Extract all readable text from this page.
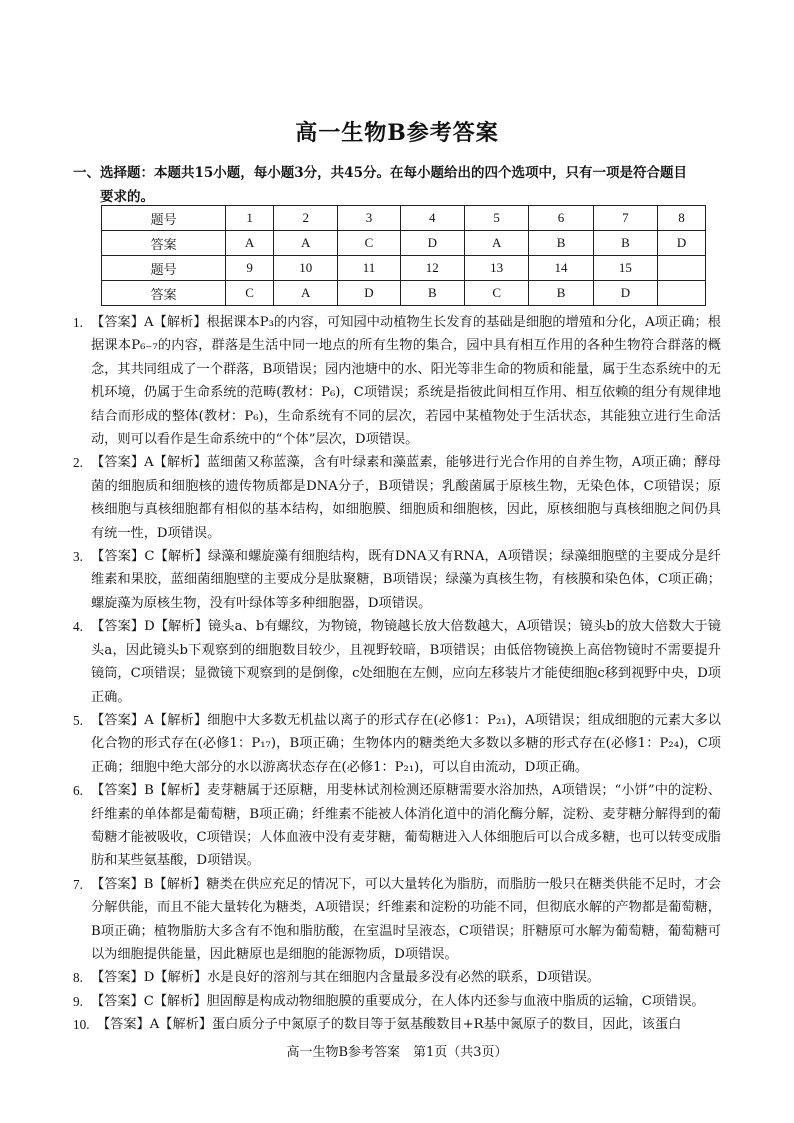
高一生物B参考答案
一、选择题：本题共15小题，每小题3分，共45分。在每小题给出的四个选项中，只有一项是符合题目
要求的。
题号	1	2	3	4	5	6	7	8
答案	A	A	C	D	A	B	B	D
题号	9	10	11	12	13	14	15	
答案	C	A	D	B	C	B	D	
1. 【答案】A【解析】根据课本P₃的内容，可知园中动植物生长发育的基础是细胞的增殖和分化，A项正确；根据课本P₆₋₇的内容，群落是生活中同一地点的所有生物的集合，园中具有相互作用的各种生物符合群落的概念，其共同组成了一个群落，B项错误；园内池塘中的水、阳光等非生命的物质和能量，属于生态系统中的无机环境，仍属于生命系统的范畴(教材：P₆)，C项错误；系统是指彼此间相互作用、相互依赖的组分有规律地结合而形成的整体(教材：P₆)，生命系统有不同的层次，若园中某植物处于生活状态，其能独立进行生命活动，则可以看作是生命系统中的“个体”层次，D项错误。
2. 【答案】A【解析】蓝细菌又称蓝藻，含有叶绿素和藻蓝素，能够进行光合作用的自养生物，A项正确；酵母菌的细胞质和细胞核的遗传物质都是DNA分子，B项错误；乳酸菌属于原核生物，无染色体，C项错误；原核细胞与真核细胞都有相似的基本结构，如细胞膜、细胞质和细胞核，因此，原核细胞与真核细胞之间仍具有统一性，D项错误。
3. 【答案】C【解析】绿藻和螺旋藻有细胞结构，既有DNA又有RNA，A项错误；绿藻细胞壁的主要成分是纤维素和果胶，蓝细菌细胞壁的主要成分是肽聚糖，B项错误；绿藻为真核生物，有核膜和染色体，C项正确；螺旋藻为原核生物，没有叶绿体等多种细胞器，D项错误。
4. 【答案】D【解析】镜头a、b有螺纹，为物镜，物镜越长放大倍数越大，A项错误；镜头b的放大倍数大于镜头a，因此镜头b下观察到的细胞数目较少，且视野较暗，B项错误；由低倍物镜换上高倍物镜时不需要提升镜筒，C项错误；显微镜下观察到的是倒像，c处细胞在左侧，应向左移装片才能使细胞c移到视野中央，D项正确。
5. 【答案】A【解析】细胞中大多数无机盐以离子的形式存在(必修1：P₂₁)，A项错误；组成细胞的元素大多以化合物的形式存在(必修1：P₁₇)，B项正确；生物体内的糖类绝大多数以多糖的形式存在(必修1：P₂₄)，C项正确；细胞中绝大部分的水以游离状态存在(必修1：P₂₁)，可以自由流动，D项正确。
6. 【答案】B【解析】麦芽糖属于还原糖，用斐林试剂检测还原糖需要水浴加热，A项错误；“小饼”中的淀粉、纤维素的单体都是葡萄糖，B项正确；纤维素不能被人体消化道中的消化酶分解，淀粉、麦芽糖分解得到的葡萄糖才能被吸收，C项错误；人体血液中没有麦芽糖，葡萄糖进入人体细胞后可以合成多糖，也可以转变成脂肪和某些氨基酸，D项错误。
7. 【答案】B【解析】糖类在供应充足的情况下，可以大量转化为脂肪，而脂肪一般只在糖类供能不足时，才会分解供能，而且不能大量转化为糖类，A项错误；纤维素和淀粉的功能不同，但彻底水解的产物都是葡萄糖，B项正确；植物脂肪大多含有不饱和脂肪酸，在室温时呈液态，C项错误；肝糖原可水解为葡萄糖，葡萄糖可以为细胞提供能量，因此糖原也是细胞的能源物质，D项错误。
8. 【答案】D【解析】水是良好的溶剂与其在细胞内含量最多没有必然的联系，D项错误。
9. 【答案】C【解析】胆固醇是构成动物细胞膜的重要成分，在人体内还参与血液中脂质的运输，C项错误。
10. 【答案】A【解析】蛋白质分子中氮原子的数目等于氨基酸数目+R基中氮原子的数目，因此，该蛋白
高一生物B参考答案　第1页（共3页）
